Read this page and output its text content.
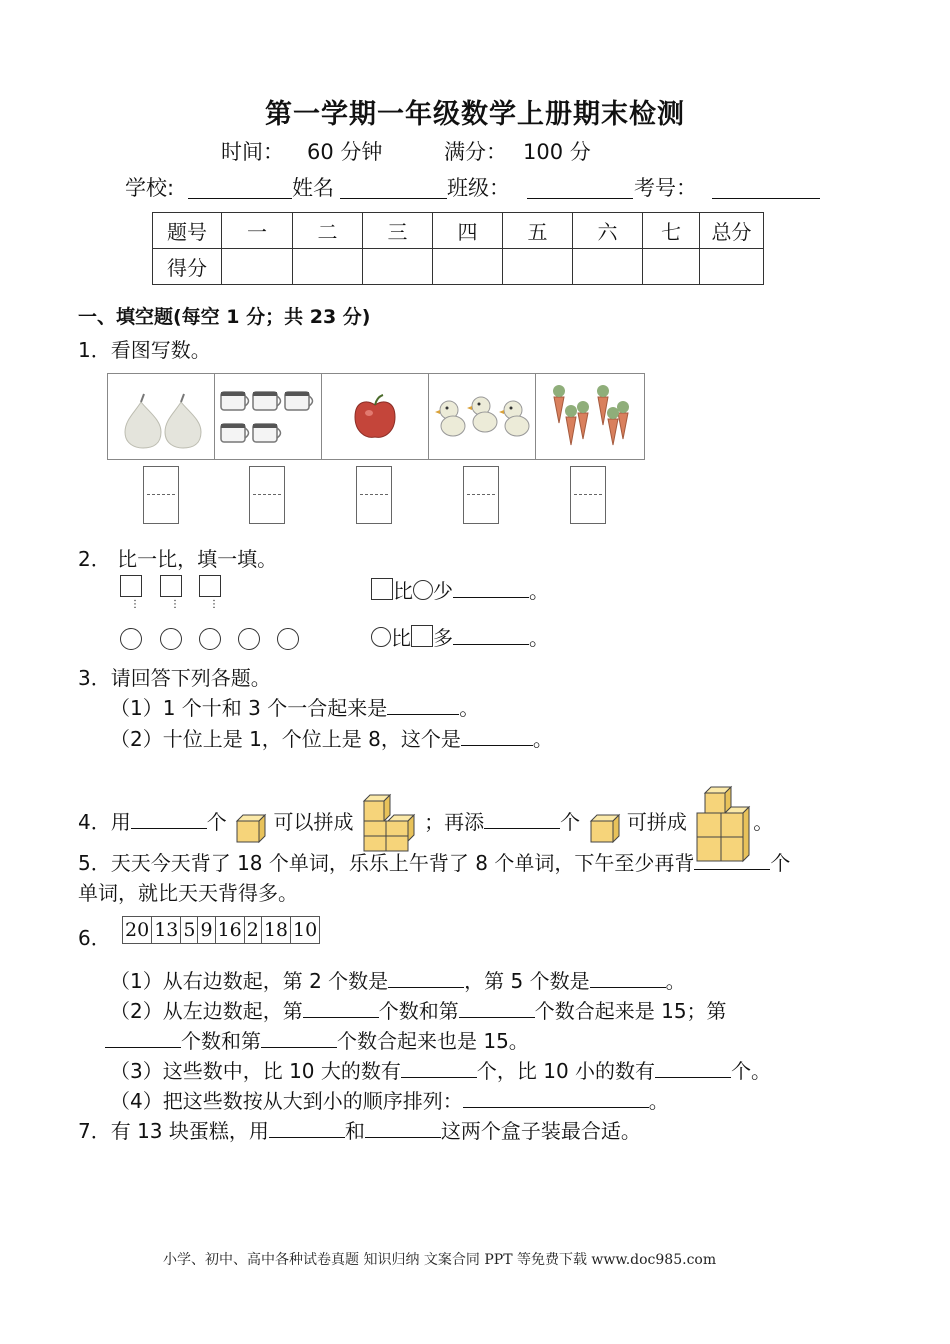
第一学期一年级数学上册期末检测
时间： 60 分钟	满分： 100 分
学校:	姓名	班级：	考号：
题号	一	二	三	四	五	六	七	总分
得分								
一、填空题(每空 1 分；共 23 分)
1．看图写数。
2． 比一比，填一填。
⋮	⋮	⋮
比 少	。
比 多	。
3．请回答下列各题。
（1）1 个十和 3 个一合起来是	。
（2）十位上是 1，个位上是 8，这个是	。
4．用	个 可以拼成	；再添	个 可拼成	。
5．天天今天背了 18 个单词，乐乐上午背了 8 个单词，下午至少再背	个
单词，就比天天背得多。
6． 20 13 5 9 16 2 18 10
（1）从右边数起，第 2 个数是	，第 5 个数是	。
（2）从左边数起，第	个数和第	个数合起来是 15；第
个数和第	个数合起来也是 15。
（3）这些数中，比 10 大的数有	个，比 10 小的数有	个。
（4）把这些数按从大到小的顺序排列：	。
7．有 13 块蛋糕，用	和	这两个盒子装最合适。
小学、初中、高中各种试卷真题 知识归纳 文案合同 PPT 等免费下载 www.doc985.com
